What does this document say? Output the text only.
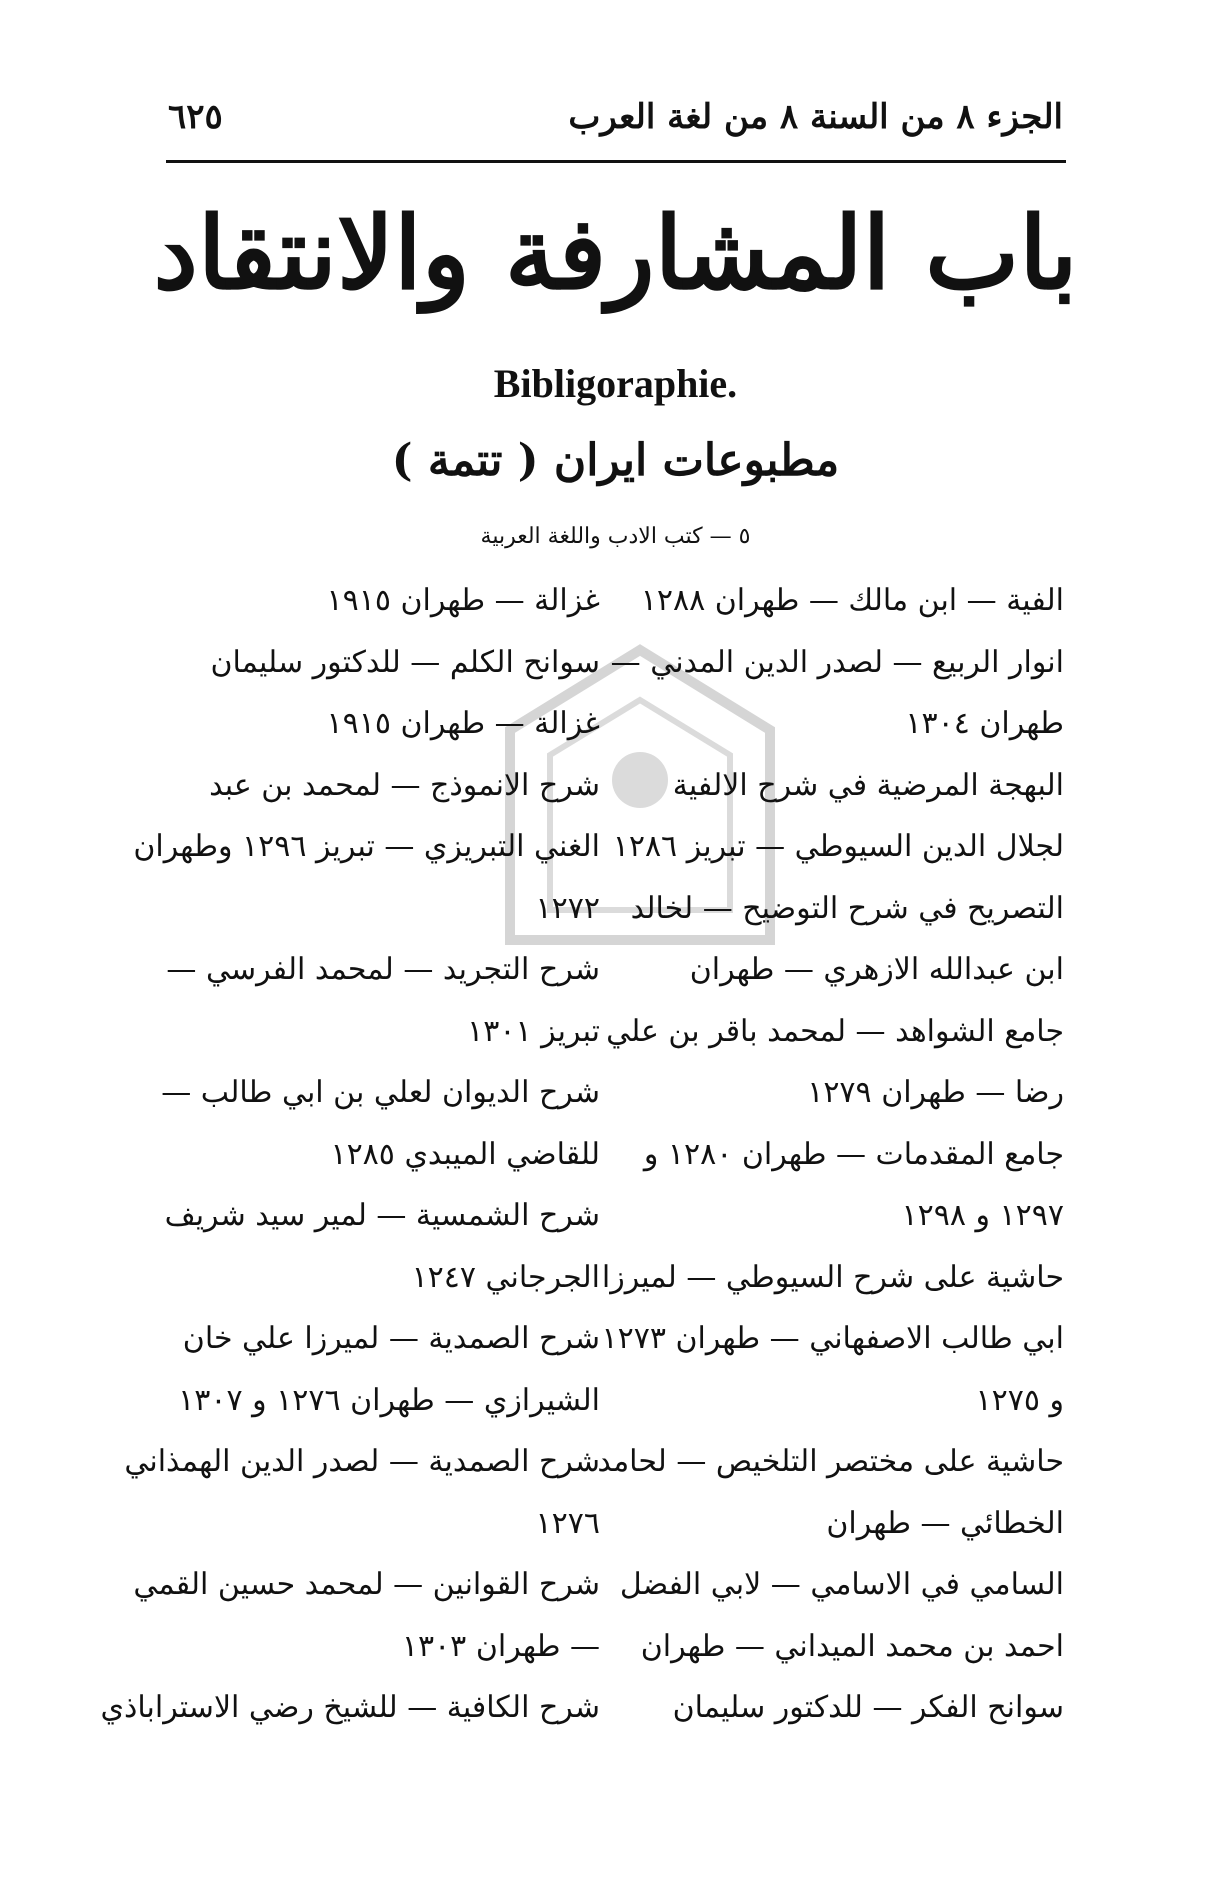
الجزء ٨ من السنة ٨ من لغة العرب
٦٢٥
باب المشارفة والانتقاد
Bibligoraphie.
مطبوعات ايران ( تتمة )
٥ — كتب الادب واللغة العربية
الفية — ابن مالك — طهران ١٢٨٨
غزالة — طهران ١٩١٥
انوار الربيع — لصدر الدين المدني —
سوانح الكلم — للدكتور سليمان
طهران ١٣٠٤
غزالة — طهران ١٩١٥
البهجة المرضية في شرح الالفية
شرح الانموذج — لمحمد بن عبد
لجلال الدين السيوطي — تبريز ١٢٨٦
الغني التبريزي — تبريز ١٢٩٦ وطهران
التصريح في شرح التوضيح — لخالد
١٢٧٢
ابن عبدالله الازهري — طهران
شرح التجريد — لمحمد الفرسي —
جامع الشواهد — لمحمد باقر بن علي
تبريز ١٣٠١
رضا — طهران ١٢٧٩
شرح الديوان لعلي بن ابي طالب —
جامع المقدمات — طهران ١٢٨٠ و
للقاضي الميبدي ١٢٨٥
١٢٩٧ و ١٢٩٨
شرح الشمسية — لمير سيد شريف
حاشية على شرح السيوطي — لميرزا
الجرجاني ١٢٤٧
ابي طالب الاصفهاني — طهران ١٢٧٣
شرح الصمدية — لميرزا علي خان
و ١٢٧٥
الشيرازي — طهران ١٢٧٦ و ١٣٠٧
حاشية على مختصر التلخيص — لحامد
شرح الصمدية — لصدر الدين الهمذاني
الخطائي — طهران
١٢٧٦
السامي في الاسامي — لابي الفضل
شرح القوانين — لمحمد حسين القمي
احمد بن محمد الميداني — طهران
— طهران ١٣٠٣
سوانح الفكر — للدكتور سليمان
شرح الكافية — للشيخ رضي الاستراباذي
